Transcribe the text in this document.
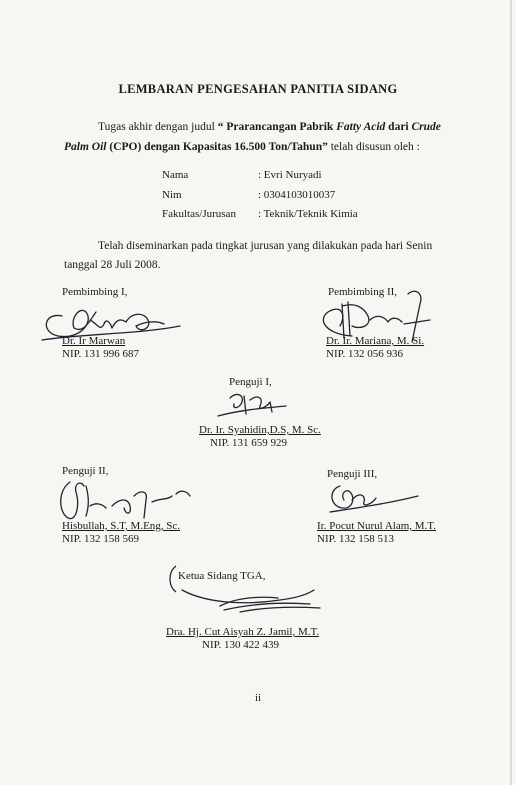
LEMBARAN PENGESAHAN PANITIA SIDANG
Tugas akhir dengan judul “ Prarancangan Pabrik Fatty Acid dari Crude
Palm Oil (CPO) dengan Kapasitas 16.500 Ton/Tahun” telah disusun oleh :
Nama	: Evri Nuryadi
Nim	: 0304103010037
Fakultas/Jurusan : Teknik/Teknik Kimia
Telah diseminarkan pada tingkat jurusan yang dilakukan pada hari Senin
tanggal 28 Juli 2008.
Pembimbing I,
Dr. Ir Marwan
NIP. 131 996 687
Pembimbing II,
Dr. Ir. Mariana, M. Si.
NIP. 132 056 936
Penguji I,
Dr. Ir. Syahidin,D.S, M. Sc.
NIP. 131 659 929
Penguji II,
Hisbullah, S.T, M.Eng, Sc.
NIP. 132 158 569
Penguji III,
Ir. Pocut Nurul Alam, M.T.
NIP. 132 158 513
Ketua Sidang TGA,
Dra. Hj. Cut Aisyah Z. Jamil, M.T.
NIP. 130 422 439
ii
